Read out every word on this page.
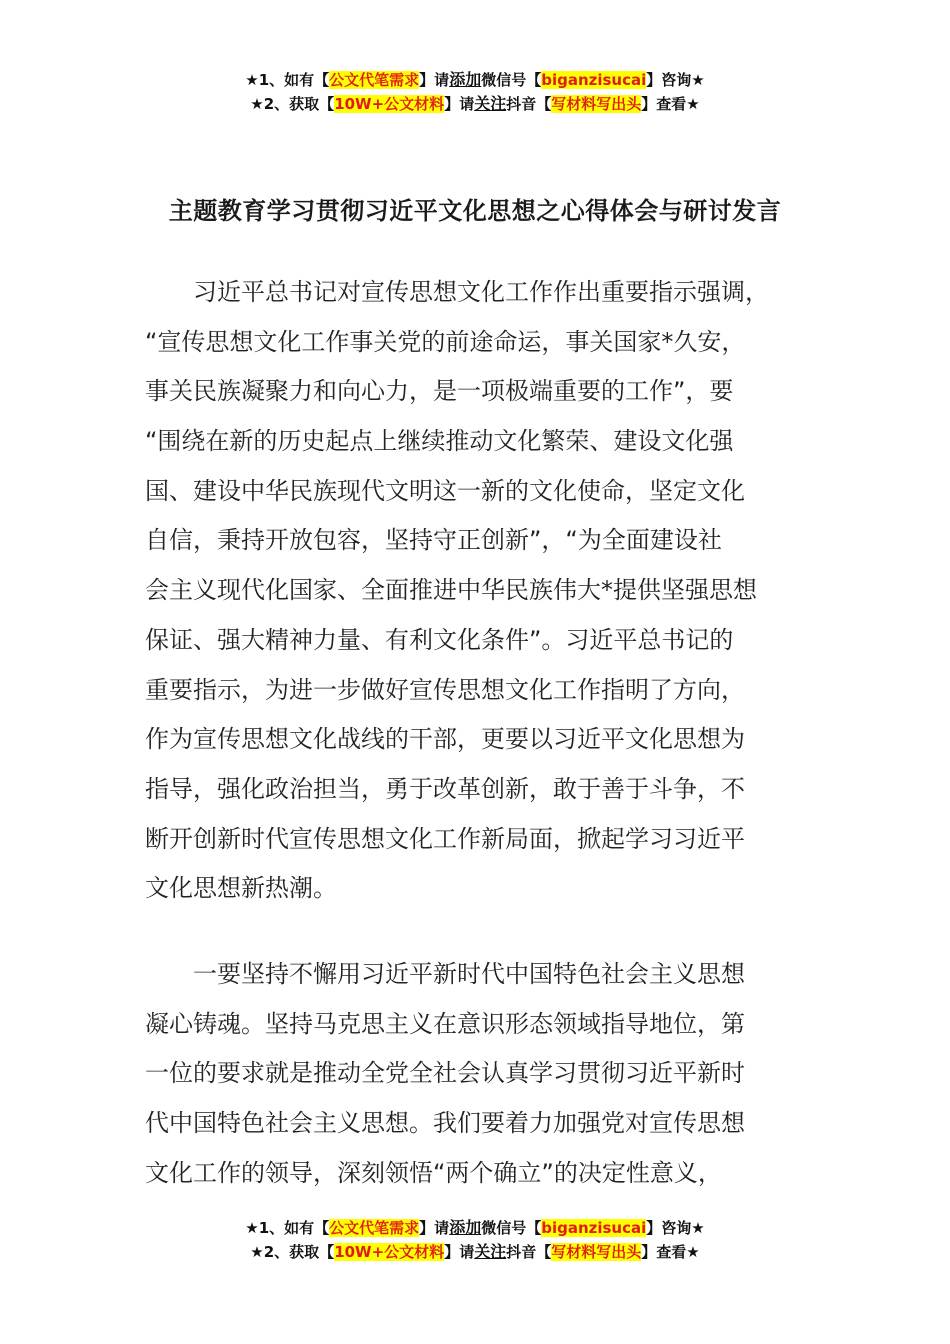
★1、如有【公文代笔需求】请添加微信号【biganzisucai】咨询★
★2、获取【10W+公文材料】请关注抖音【写材料写出头】查看★
主题教育学习贯彻习近平文化思想之心得体会与研讨发言
　　习近平总书记对宣传思想文化工作作出重要指示强调，
“宣传思想文化工作事关党的前途命运，事关国家*久安，
事关民族凝聚力和向心力，是一项极端重要的工作”，要
“围绕在新的历史起点上继续推动文化繁荣、建设文化强
国、建设中华民族现代文明这一新的文化使命，坚定文化
自信，秉持开放包容，坚持守正创新”，“为全面建设社
会主义现代化国家、全面推进中华民族伟大*提供坚强思想
保证、强大精神力量、有利文化条件”。习近平总书记的
重要指示，为进一步做好宣传思想文化工作指明了方向，
作为宣传思想文化战线的干部，更要以习近平文化思想为
指导，强化政治担当，勇于改革创新，敢于善于斗争，不
断开创新时代宣传思想文化工作新局面，掀起学习习近平
文化思想新热潮。
　　一要坚持不懈用习近平新时代中国特色社会主义思想
凝心铸魂。坚持马克思主义在意识形态领域指导地位，第
一位的要求就是推动全党全社会认真学习贯彻习近平新时
代中国特色社会主义思想。我们要着力加强党对宣传思想
文化工作的领导，深刻领悟“两个确立”的决定性意义，
★1、如有【公文代笔需求】请添加微信号【biganzisucai】咨询★
★2、获取【10W+公文材料】请关注抖音【写材料写出头】查看★
